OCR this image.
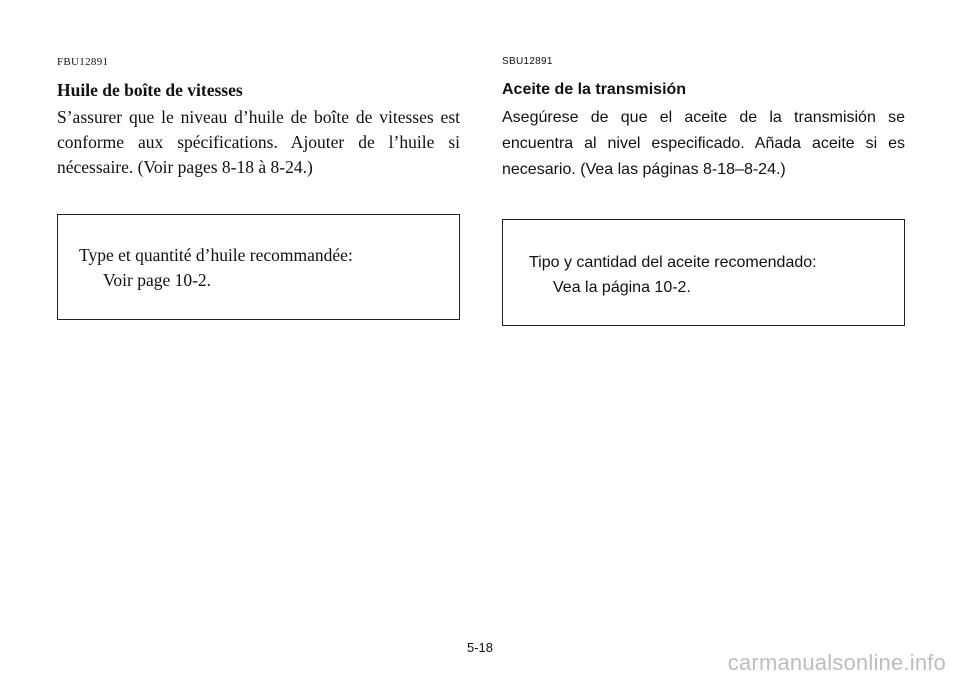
FBU12891

Huile de boîte de vitesses

S’assurer que le niveau d’huile de boîte de vitesses est conforme aux spécifications. Ajouter de l’huile si nécessaire. (Voir pages 8-18 à 8-24.)

Type et quantité d’huile recommandée:
Voir page 10-2.

SBU12891

Aceite de la transmisión

Asegúrese de que el aceite de la transmisión se encuentra al nivel especificado. Añada aceite si es necesario. (Vea las páginas 8-18–8-24.)

Tipo y cantidad del aceite recomendado:
Vea la página 10-2.
5-18
carmanualsonline.info
